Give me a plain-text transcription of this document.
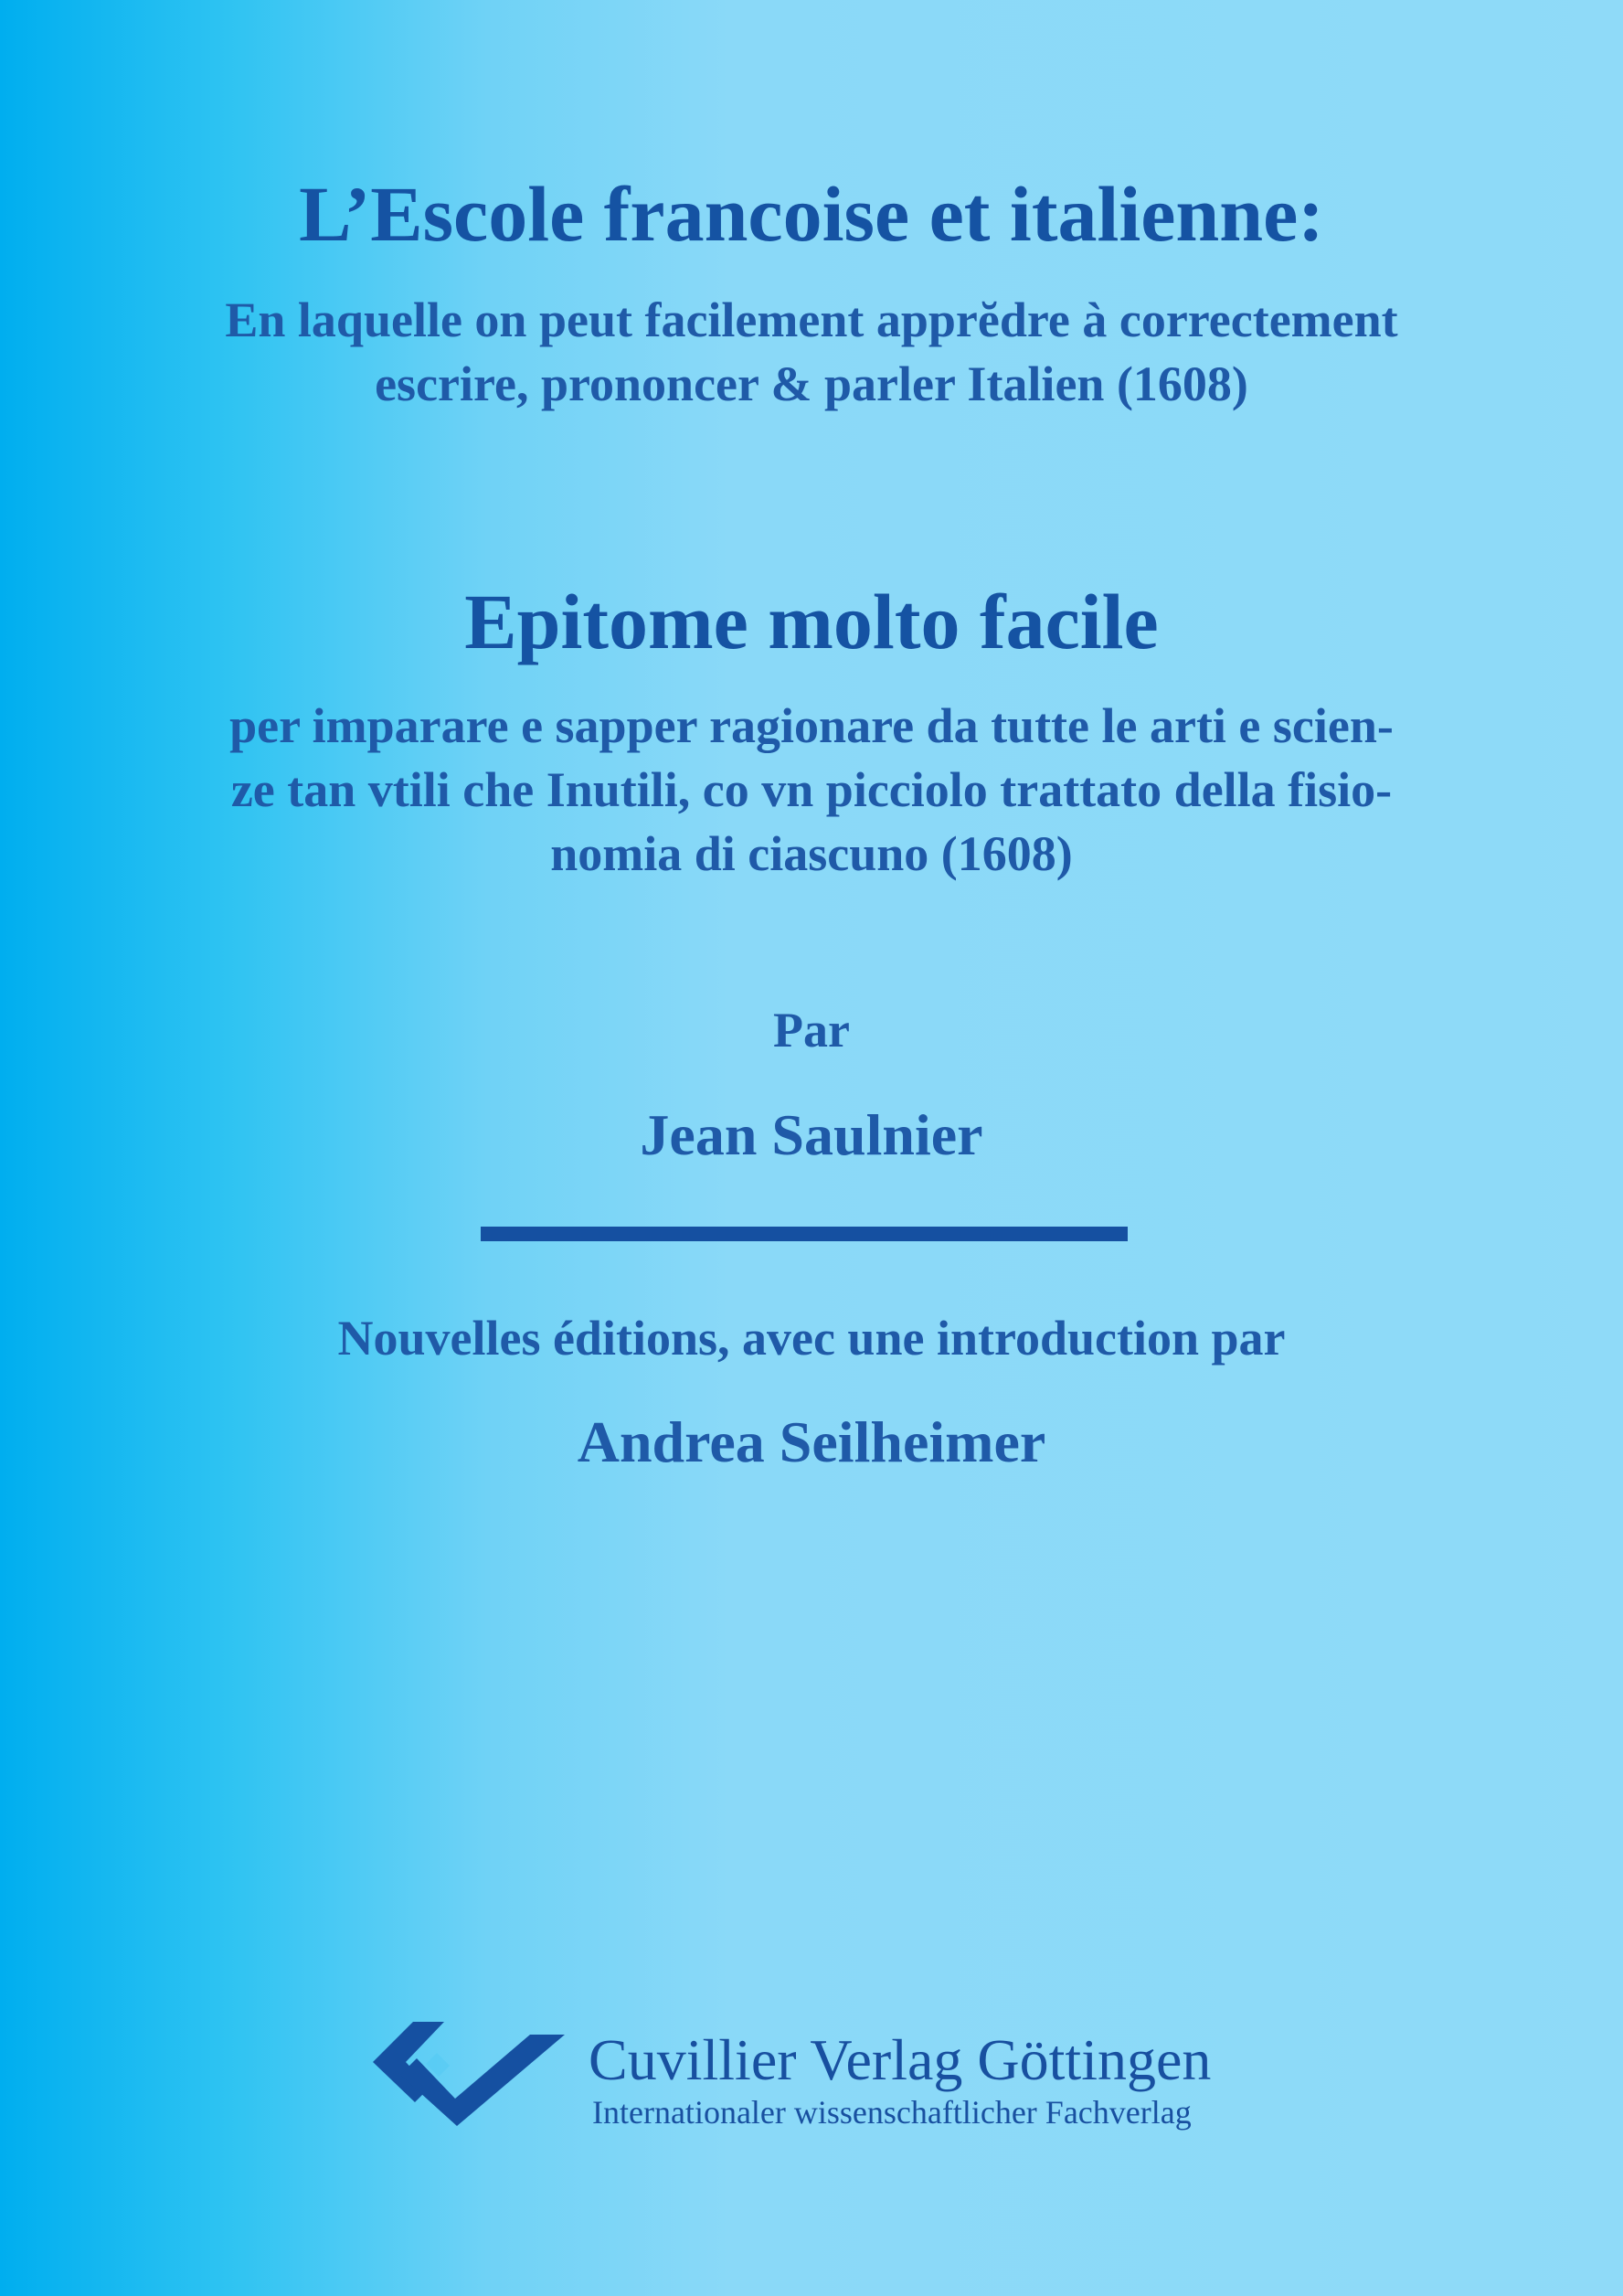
L’Escole francoise et italienne:

En laquelle on peut facilement apprĕdre à correctement

escrire, prononcer & parler Italien (1608)

Epitome molto facile

per imparare e sapper ragionare da tutte le arti e scien-

ze tan vtili che Inutili, co vn picciolo trattato della fisio-

nomia di ciascuno (1608)

Par

Jean Saulnier

Nouvelles éditions, avec une introduction par

Andrea Seilheimer

Cuvillier Verlag Göttingen
Internationaler wissenschaftlicher Fachverlag
